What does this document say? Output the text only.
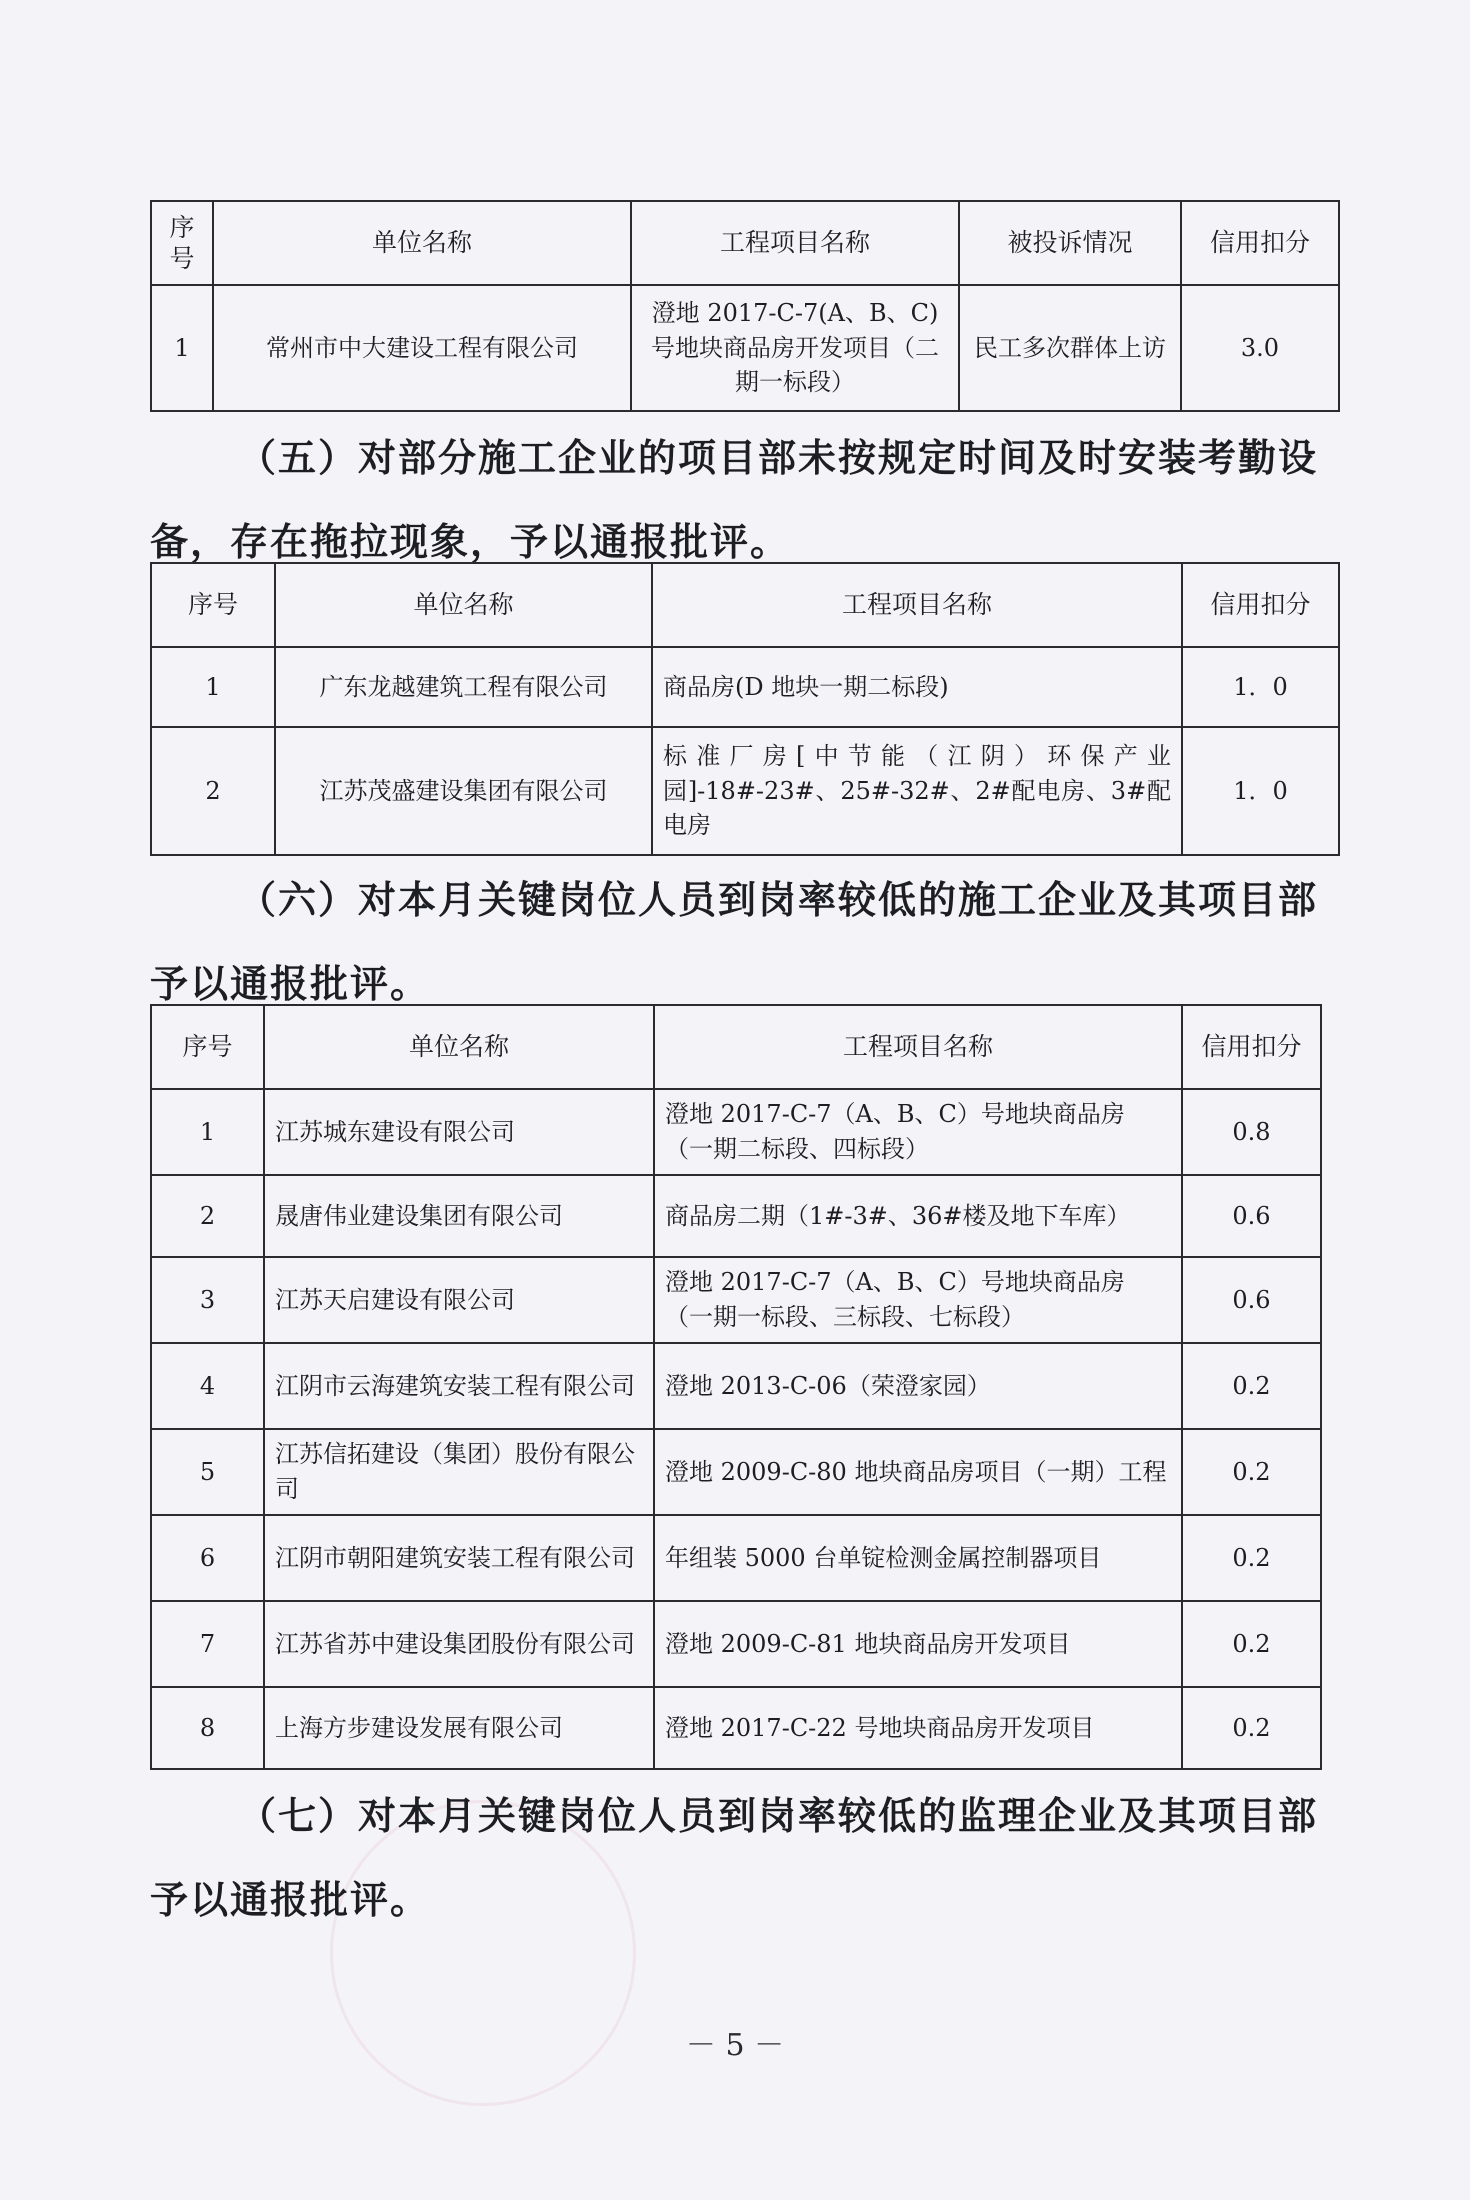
序号	单位名称	工程项目名称	被投诉情况	信用扣分
1	常州市中大建设工程有限公司	澄地 2017-C-7(A、B、C)号地块商品房开发项目（二期一标段）	民工多次群体上访	3.0

（五）对部分施工企业的项目部未按规定时间及时安装考勤设备，存在拖拉现象，予以通报批评。

序号	单位名称	工程项目名称	信用扣分
1	广东龙越建筑工程有限公司	商品房(D 地块一期二标段)	1．0
2	江苏茂盛建设集团有限公司	标准厂房[中节能（江阴）环保产业园]-18#-23#、25#-32#、2#配电房、3#配电房	1．0

（六）对本月关键岗位人员到岗率较低的施工企业及其项目部予以通报批评。

序号	单位名称	工程项目名称	信用扣分
1	江苏城东建设有限公司	澄地 2017-C-7（A、B、C）号地块商品房（一期二标段、四标段）	0.8
2	晟唐伟业建设集团有限公司	商品房二期（1#-3#、36#楼及地下车库）	0.6
3	江苏天启建设有限公司	澄地 2017-C-7（A、B、C）号地块商品房（一期一标段、三标段、七标段）	0.6
4	江阴市云海建筑安装工程有限公司	澄地 2013-C-06（荣澄家园）	0.2
5	江苏信拓建设（集团）股份有限公司	澄地 2009-C-80 地块商品房项目（一期）工程	0.2
6	江阴市朝阳建筑安装工程有限公司	年组装 5000 台单锭检测金属控制器项目	0.2
7	江苏省苏中建设集团股份有限公司	澄地 2009-C-81 地块商品房开发项目	0.2
8	上海方步建设发展有限公司	澄地 2017-C-22 号地块商品房开发项目	0.2

（七）对本月关键岗位人员到岗率较低的监理企业及其项目部予以通报批评。

－ 5 －
